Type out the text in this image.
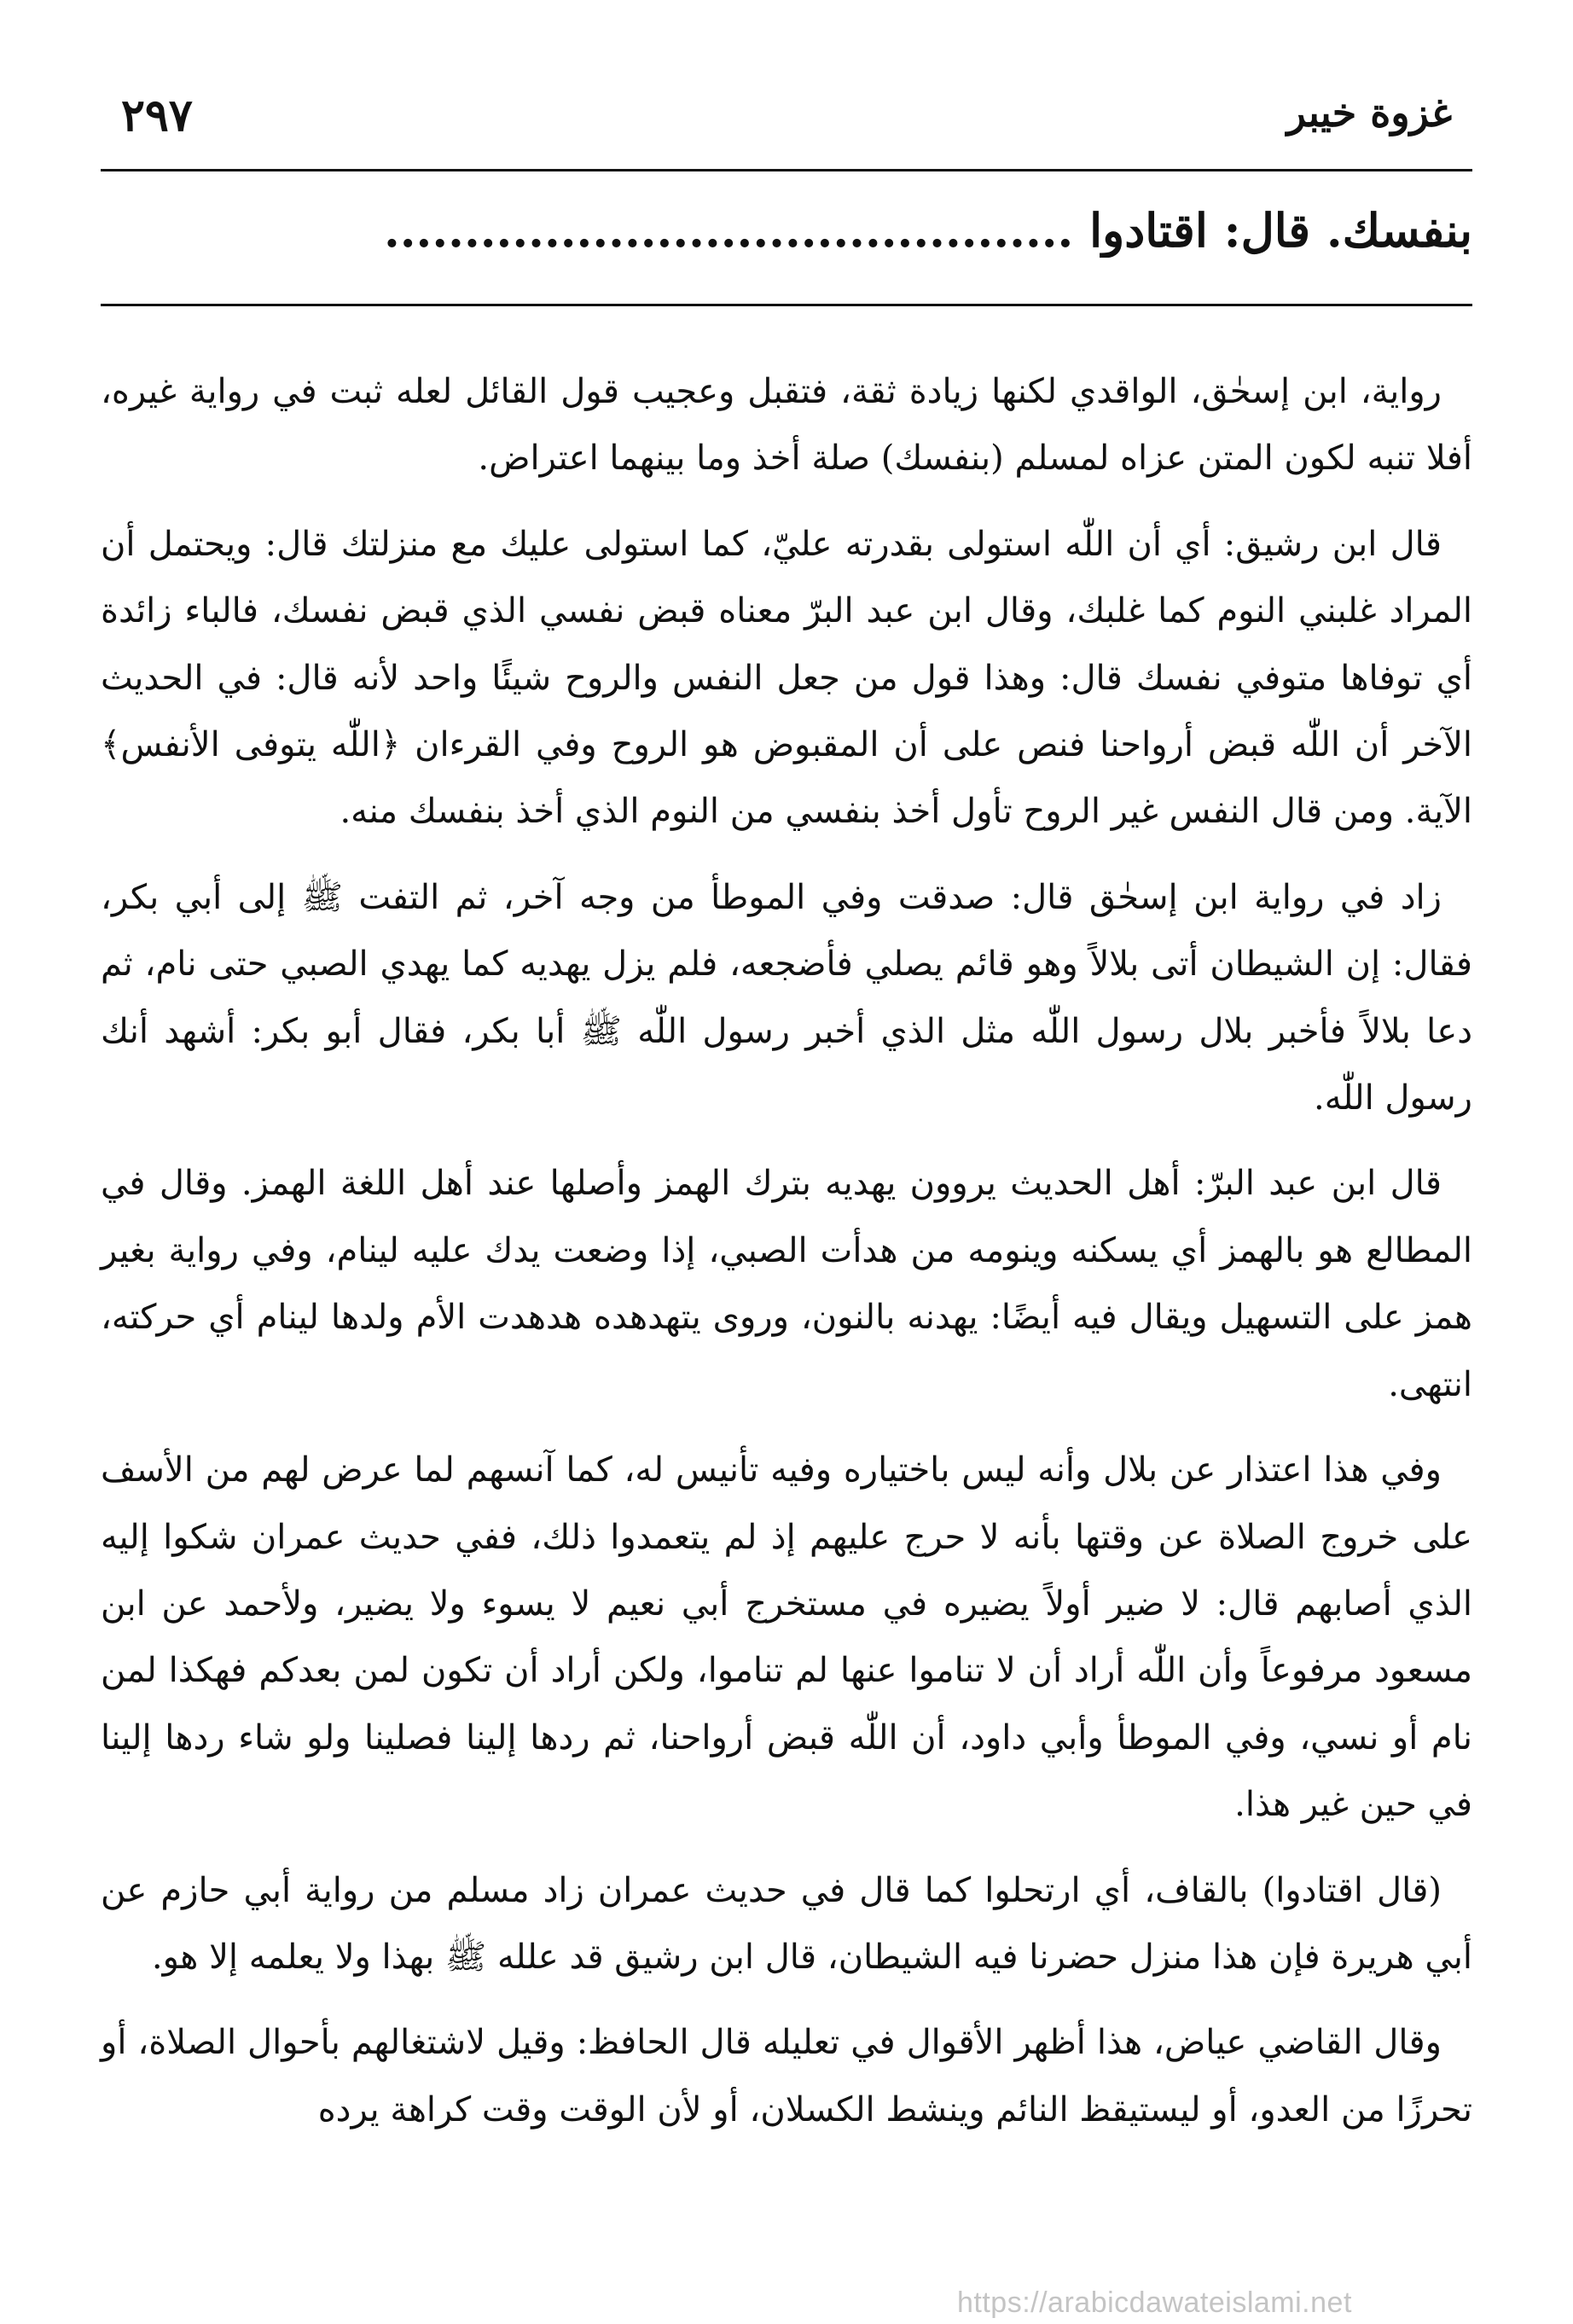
غزوة خيبر
٢٩٧
بنفسك. قال: اقتادوا ...........................................

رواية، ابن إسحٰق، الواقدي لكنها زيادة ثقة، فتقبل وعجيب قول القائل لعله ثبت في رواية غيره، أفلا تنبه لكون المتن عزاه لمسلم (بنفسك) صلة أخذ وما بينهما اعتراض.

قال ابن رشيق: أي أن اللّٰه استولى بقدرته عليّ، كما استولى عليك مع منزلتك قال: ويحتمل أن المراد غلبني النوم كما غلبك، وقال ابن عبد البرّ معناه قبض نفسي الذي قبض نفسك، فالباء زائدة أي توفاها متوفي نفسك قال: وهذا قول من جعل النفس والروح شيئًا واحد لأنه قال: في الحديث الآخر أن اللّٰه قبض أرواحنا فنص على أن المقبوض هو الروح وفي القرءان ﴿اللّٰه يتوفى الأنفس﴾ الآية. ومن قال النفس غير الروح تأول أخذ بنفسي من النوم الذي أخذ بنفسك منه.

زاد في رواية ابن إسحٰق قال: صدقت وفي الموطأ من وجه آخر، ثم التفت ﷺ إلى أبي بكر، فقال: إن الشيطان أتى بلالاً وهو قائم يصلي فأضجعه، فلم يزل يهديه كما يهدي الصبي حتى نام، ثم دعا بلالاً فأخبر بلال رسول اللّٰه مثل الذي أخبر رسول اللّٰه ﷺ أبا بكر، فقال أبو بكر: أشهد أنك رسول اللّٰه.

قال ابن عبد البرّ: أهل الحديث يروون يهديه بترك الهمز وأصلها عند أهل اللغة الهمز. وقال في المطالع هو بالهمز أي يسكنه وينومه من هدأت الصبي، إذا وضعت يدك عليه لينام، وفي رواية بغير همز على التسهيل ويقال فيه أيضًا: يهدنه بالنون، وروى يتهدهده هدهدت الأم ولدها لينام أي حركته، انتهى.

وفي هذا اعتذار عن بلال وأنه ليس باختياره وفيه تأنيس له، كما آنسهم لما عرض لهم من الأسف على خروج الصلاة عن وقتها بأنه لا حرج عليهم إذ لم يتعمدوا ذلك، ففي حديث عمران شكوا إليه الذي أصابهم قال: لا ضير أولاً يضيره في مستخرج أبي نعيم لا يسوء ولا يضير، ولأحمد عن ابن مسعود مرفوعاً وأن اللّٰه أراد أن لا تناموا عنها لم تناموا، ولكن أراد أن تكون لمن بعدكم فهكذا لمن نام أو نسي، وفي الموطأ وأبي داود، أن اللّٰه قبض أرواحنا، ثم ردها إلينا فصلينا ولو شاء ردها إلينا في حين غير هذا.

(قال اقتادوا) بالقاف، أي ارتحلوا كما قال في حديث عمران زاد مسلم من رواية أبي حازم عن أبي هريرة فإن هذا منزل حضرنا فيه الشيطان، قال ابن رشيق قد علله ﷺ بهذا ولا يعلمه إلا هو.

وقال القاضي عياض، هذا أظهر الأقوال في تعليله قال الحافظ: وقيل لاشتغالهم بأحوال الصلاة، أو تحرزًا من العدو، أو ليستيقظ النائم وينشط الكسلان، أو لأن الوقت وقت كراهة يرده

https://arabicdawateislami.net
